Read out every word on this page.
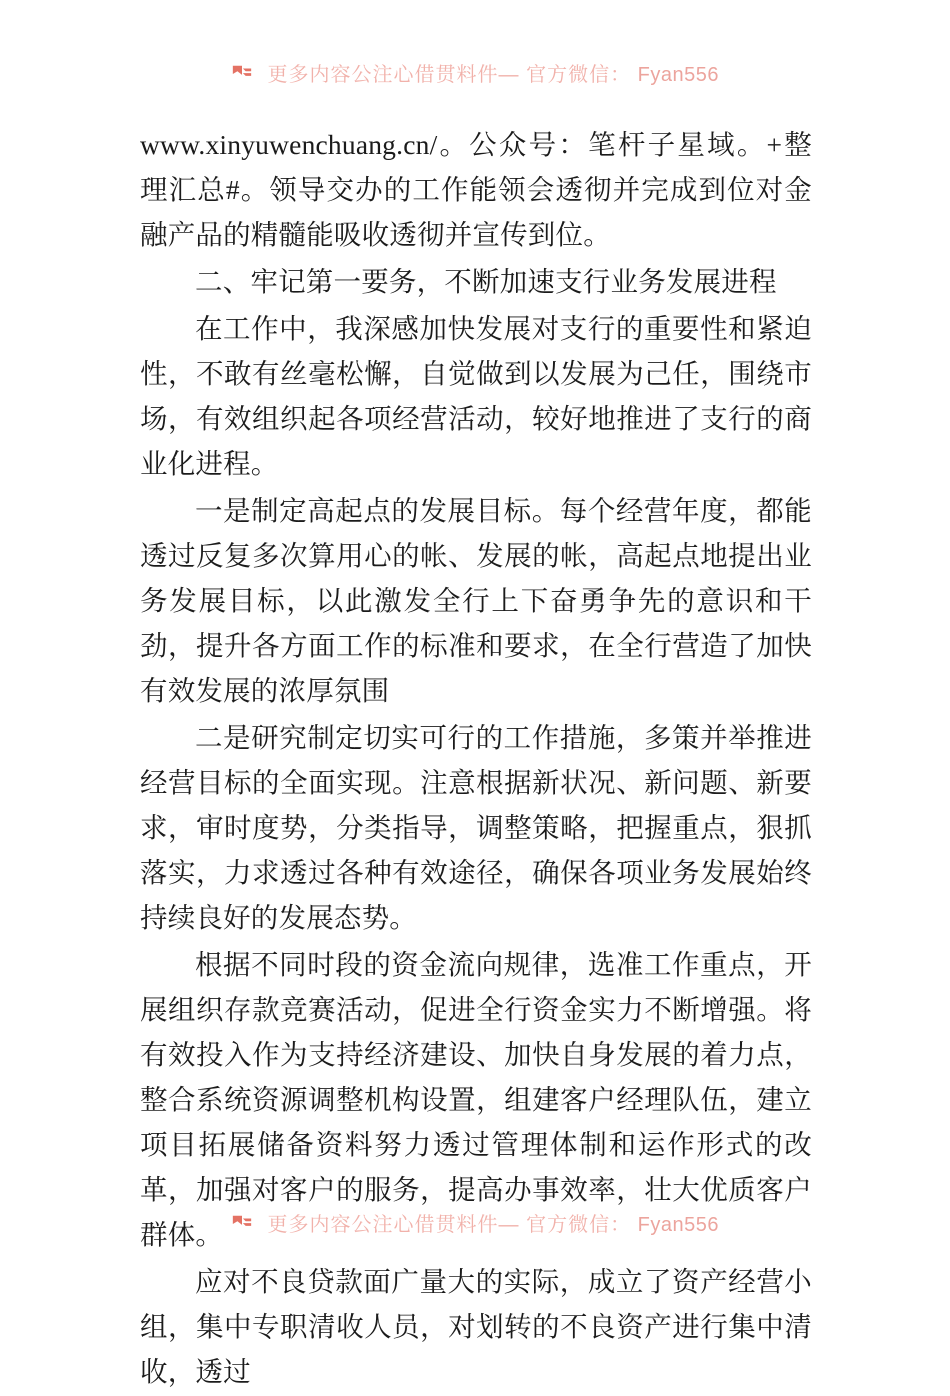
更多内容公注心借贯料件— 官方微信： Fyan556

www.xinyuwenchuang.cn/。公众号：笔杆子星域。+整理汇总#。领导交办的工作能领会透彻并完成到位对金融产品的精髓能吸收透彻并宣传到位。

二、牢记第一要务，不断加速支行业务发展进程

在工作中，我深感加快发展对支行的重要性和紧迫性，不敢有丝毫松懈，自觉做到以发展为己任，围绕市场，有效组织起各项经营活动，较好地推进了支行的商业化进程。

一是制定高起点的发展目标。每个经营年度，都能透过反复多次算用心的帐、发展的帐，高起点地提出业务发展目标，以此激发全行上下奋勇争先的意识和干劲，提升各方面工作的标准和要求，在全行营造了加快有效发展的浓厚氛围

二是研究制定切实可行的工作措施，多策并举推进经营目标的全面实现。注意根据新状况、新问题、新要求，审时度势，分类指导，调整策略，把握重点，狠抓落实，力求透过各种有效途径，确保各项业务发展始终持续良好的发展态势。

根据不同时段的资金流向规律，选准工作重点，开展组织存款竞赛活动，促进全行资金实力不断增强。将有效投入作为支持经济建设、加快自身发展的着力点，整合系统资源调整机构设置，组建客户经理队伍，建立项目拓展储备资料努力透过管理体制和运作形式的改革，加强对客户的服务，提高办事效率，壮大优质客户群体。

应对不良贷款面广量大的实际，成立了资产经营小组，集中专职清收人员，对划转的不良资产进行集中清收，透过

更多内容公注心借贯料件— 官方微信： Fyan556
